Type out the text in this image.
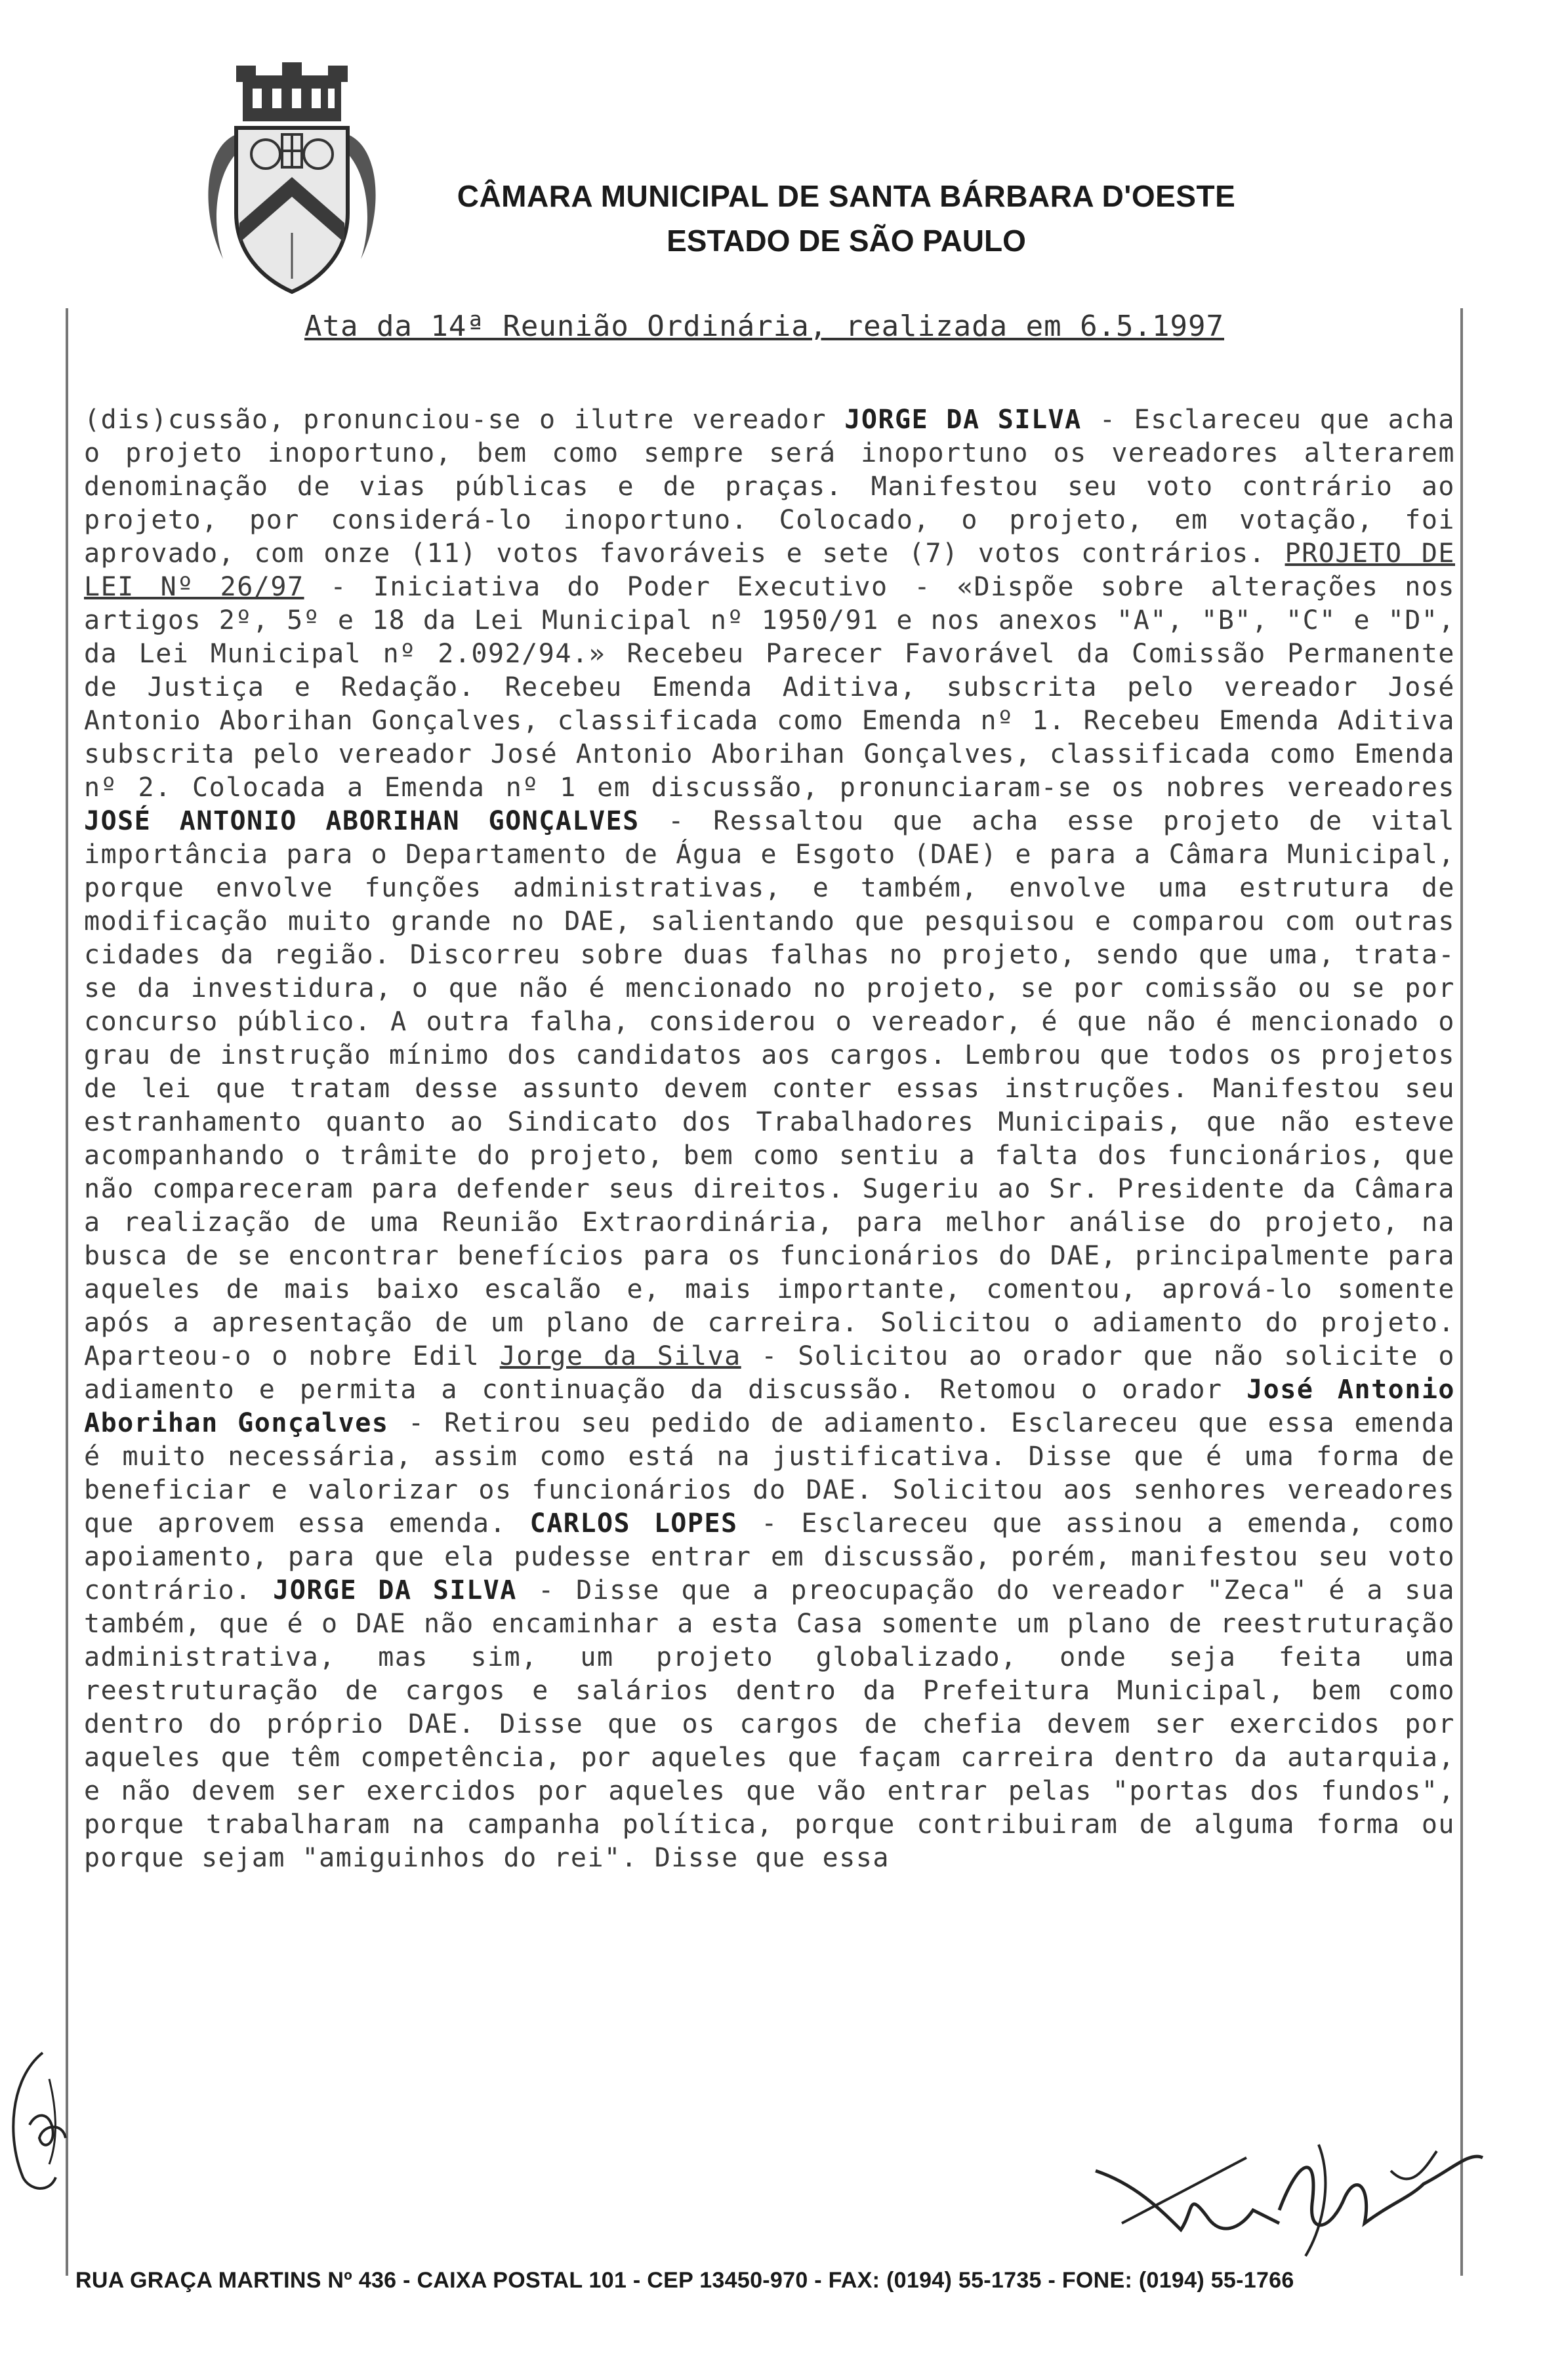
CÂMARA MUNICIPAL DE SANTA BÁRBARA D'OESTE
ESTADO DE SÃO PAULO
Ata da 14ª Reunião Ordinária, realizada em 6.5.1997

(dis)cussão, pronunciou-se o ilutre vereador JORGE DA SILVA - Esclareceu que acha o projeto inoportuno, bem como sempre será inoportuno os vereadores alterarem denominação de vias públicas e de praças. Manifestou seu voto contrário ao projeto, por considerá-lo inoportuno. Colocado, o projeto, em votação, foi aprovado, com onze (11) votos favoráveis e sete (7) votos contrários. PROJETO DE LEI Nº 26/97 - Iniciativa do Poder Executivo - «Dispõe sobre alterações nos artigos 2º, 5º e 18 da Lei Municipal nº 1950/91 e nos anexos "A", "B", "C" e "D", da Lei Municipal nº 2.092/94.» Recebeu Parecer Favorável da Comissão Permanente de Justiça e Redação. Recebeu Emenda Aditiva, subscrita pelo vereador José Antonio Aborihan Gonçalves, classificada como Emenda nº 1. Recebeu Emenda Aditiva subscrita pelo vereador José Antonio Aborihan Gonçalves, classificada como Emenda nº 2. Colocada a Emenda nº 1 em discussão, pronunciaram-se os nobres vereadores JOSÉ ANTONIO ABORIHAN GONÇALVES - Ressaltou que acha esse projeto de vital importância para o Departamento de Água e Esgoto (DAE) e para a Câmara Municipal, porque envolve funções administrativas, e também, envolve uma estrutura de modificação muito grande no DAE, salientando que pesquisou e comparou com outras cidades da região. Discorreu sobre duas falhas no projeto, sendo que uma, trata-se da investidura, o que não é mencionado no projeto, se por comissão ou se por concurso público. A outra falha, considerou o vereador, é que não é mencionado o grau de instrução mínimo dos candidatos aos cargos. Lembrou que todos os projetos de lei que tratam desse assunto devem conter essas instruções. Manifestou seu estranhamento quanto ao Sindicato dos Trabalhadores Municipais, que não esteve acompanhando o trâmite do projeto, bem como sentiu a falta dos funcionários, que não compareceram para defender seus direitos. Sugeriu ao Sr. Presidente da Câmara a realização de uma Reunião Extraordinária, para melhor análise do projeto, na busca de se encontrar benefícios para os funcionários do DAE, principalmente para aqueles de mais baixo escalão e, mais importante, comentou, aprová-lo somente após a apresentação de um plano de carreira. Solicitou o adiamento do projeto. Aparteou-o o nobre Edil Jorge da Silva - Solicitou ao orador que não solicite o adiamento e permita a continuação da discussão. Retomou o orador José Antonio Aborihan Gonçalves - Retirou seu pedido de adiamento. Esclareceu que essa emenda é muito necessária, assim como está na justificativa. Disse que é uma forma de beneficiar e valorizar os funcionários do DAE. Solicitou aos senhores vereadores que aprovem essa emenda. CARLOS LOPES - Esclareceu que assinou a emenda, como apoiamento, para que ela pudesse entrar em discussão, porém, manifestou seu voto contrário. JORGE DA SILVA - Disse que a preocupação do vereador "Zeca" é a sua também, que é o DAE não encaminhar a esta Casa somente um plano de reestruturação administrativa, mas sim, um projeto globalizado, onde seja feita uma reestruturação de cargos e salários dentro da Prefeitura Municipal, bem como dentro do próprio DAE. Disse que os cargos de chefia devem ser exercidos por aqueles que têm competência, por aqueles que façam carreira dentro da autarquia, e não devem ser exercidos por aqueles que vão entrar pelas "portas dos fundos", porque trabalharam na campanha política, porque contribuiram de alguma forma ou porque sejam "amiguinhos do rei". Disse que essa

RUA GRAÇA MARTINS Nº 436 - CAIXA POSTAL 101 - CEP 13450-970 - FAX: (0194) 55-1735 - FONE: (0194) 55-1766
